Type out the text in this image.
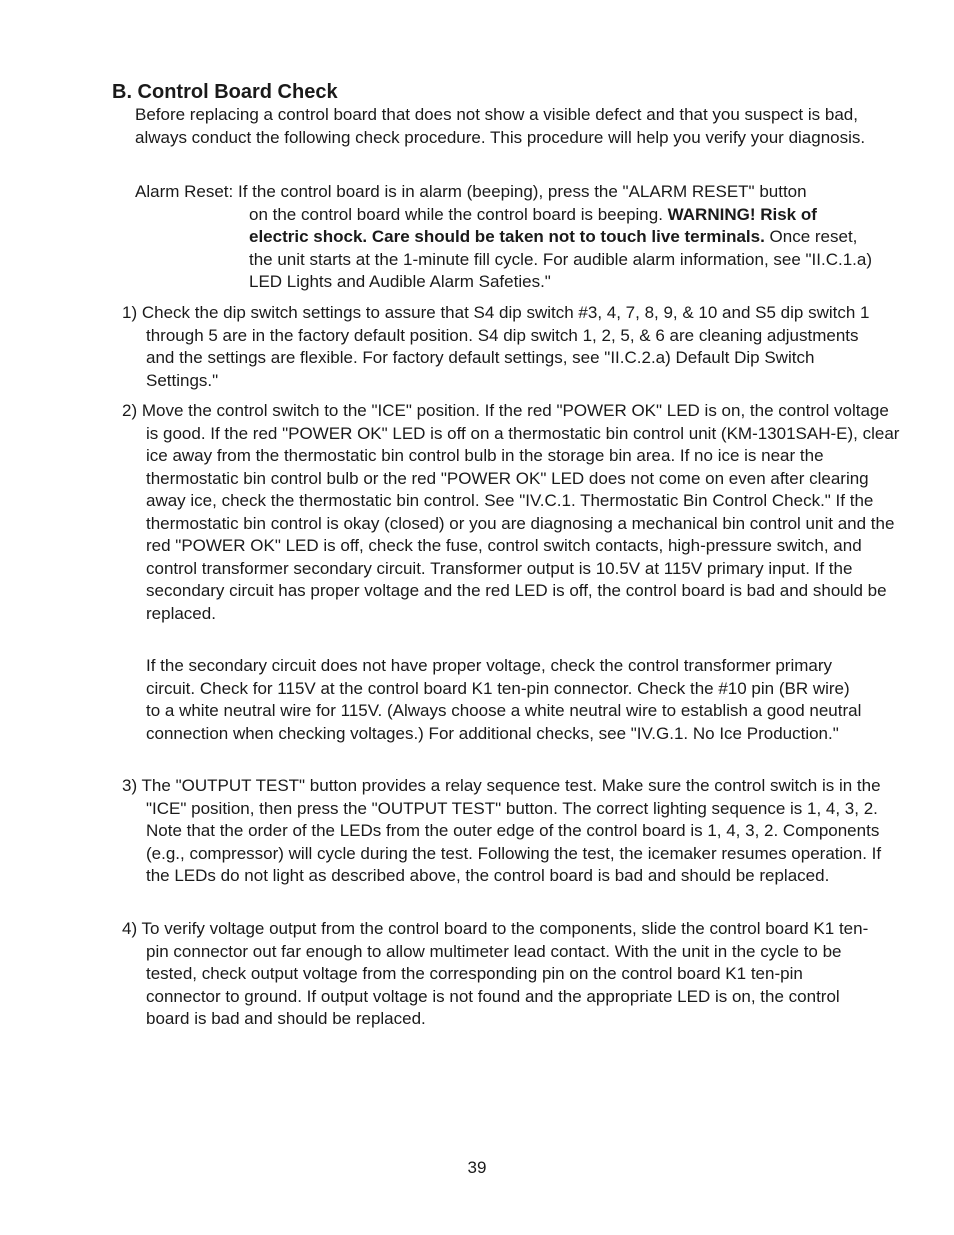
B. Control Board Check

Before replacing a control board that does not show a visible defect and that you suspect is bad, always conduct the following check procedure. This procedure will help you verify your diagnosis.

Alarm Reset: If the control board is in alarm (beeping), press the "ALARM RESET" button
on the control board while the control board is beeping. WARNING! Risk of electric shock. Care should be taken not to touch live terminals. Once reset, the unit starts at the 1-minute fill cycle. For audible alarm information, see "II.C.1.a) LED Lights and Audible Alarm Safeties."

1) Check the dip switch settings to assure that S4 dip switch #3, 4, 7, 8, 9, & 10 and S5 dip switch 1 through 5 are in the factory default position. S4 dip switch 1, 2, 5, & 6 are cleaning adjustments and the settings are flexible. For factory default settings, see "II.C.2.a) Default Dip Switch Settings."

2) Move the control switch to the "ICE" position. If the red "POWER OK" LED is on, the control voltage is good. If the red "POWER OK" LED is off on a thermostatic bin control unit (KM-1301SAH-E), clear ice away from the thermostatic bin control bulb in the storage bin area. If no ice is near the thermostatic bin control bulb or the red "POWER OK" LED does not come on even after clearing away ice, check the thermostatic bin control. See "IV.C.1. Thermostatic Bin Control Check." If the thermostatic bin control is okay (closed) or you are diagnosing a mechanical bin control unit and the red "POWER OK" LED is off, check the fuse, control switch contacts, high-pressure switch, and control transformer secondary circuit. Transformer output is 10.5V at 115V primary input. If the secondary circuit has proper voltage and the red LED is off, the control board is bad and should be replaced.

If the secondary circuit does not have proper voltage, check the control transformer primary circuit. Check for 115V at the control board K1 ten-pin connector. Check the #10 pin (BR wire) to a white neutral wire for 115V. (Always choose a white neutral wire to establish a good neutral connection when checking voltages.) For additional checks, see "IV.G.1. No Ice Production."

3) The "OUTPUT TEST" button provides a relay sequence test. Make sure the control switch is in the "ICE" position, then press the "OUTPUT TEST" button. The correct lighting sequence is 1, 4, 3, 2. Note that the order of the LEDs from the outer edge of the control board is 1, 4, 3, 2. Components (e.g., compressor) will cycle during the test. Following the test, the icemaker resumes operation. If the LEDs do not light as described above, the control board is bad and should be replaced.

4) To verify voltage output from the control board to the components, slide the control board K1 ten-pin connector out far enough to allow multimeter lead contact. With the unit in the cycle to be tested, check output voltage from the corresponding pin on the control board K1 ten-pin connector to ground. If output voltage is not found and the appropriate LED is on, the control board is bad and should be replaced.

39
